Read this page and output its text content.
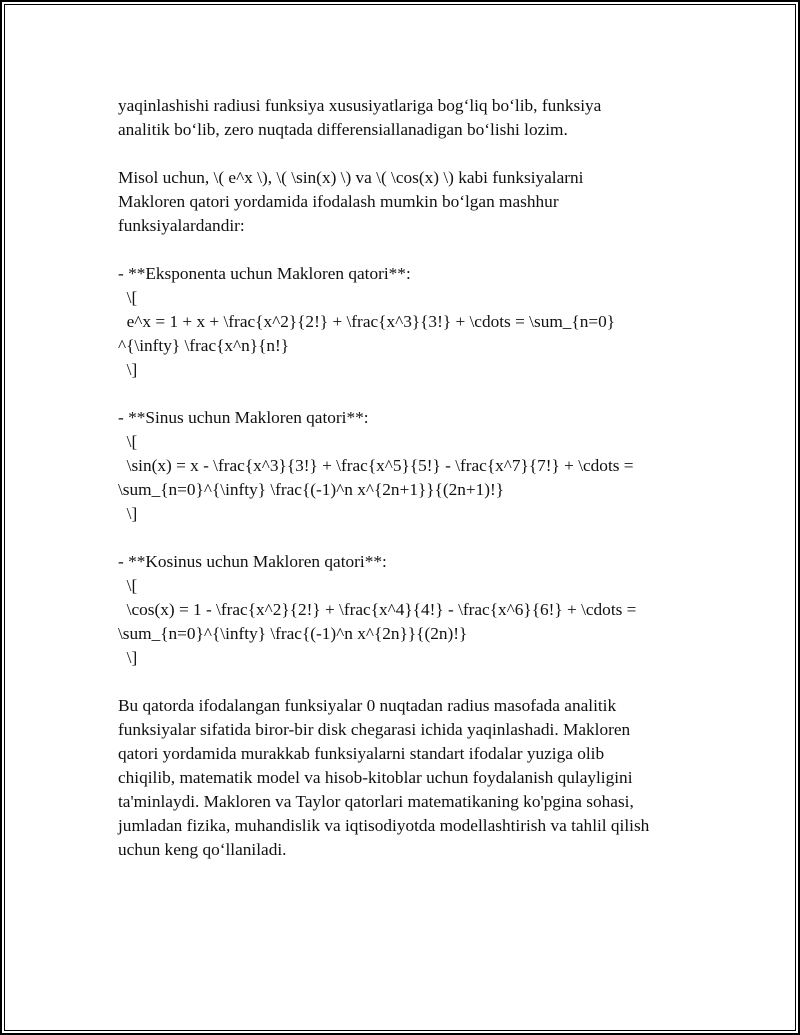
yaqinlashishi radiusi funksiya xususiyatlariga bog‘liq bo‘lib, funksiya
analitik bo‘lib, zero nuqtada differensiallanadigan bo‘lishi lozim.
Misol uchun, \( e^x \), \( \sin(x) \) va \( \cos(x) \) kabi funksiyalarni
Makloren qatori yordamida ifodalash mumkin bo‘lgan mashhur
funksiyalardandir:
- **Eksponenta uchun Makloren qatori**:
\[
e^x = 1 + x + \frac{x^2}{2!} + \frac{x^3}{3!} + \cdots = \sum_{n=0}
^{\infty} \frac{x^n}{n!}
\]
- **Sinus uchun Makloren qatori**:
\[
\sin(x) = x - \frac{x^3}{3!} + \frac{x^5}{5!} - \frac{x^7}{7!} + \cdots =
\sum_{n=0}^{\infty} \frac{(-1)^n x^{2n+1}}{(2n+1)!}
\]
- **Kosinus uchun Makloren qatori**:
\[
\cos(x) = 1 - \frac{x^2}{2!} + \frac{x^4}{4!} - \frac{x^6}{6!} + \cdots =
\sum_{n=0}^{\infty} \frac{(-1)^n x^{2n}}{(2n)!}
\]
Bu qatorda ifodalangan funksiyalar 0 nuqtadan radius masofada analitik
funksiyalar sifatida biror-bir disk chegarasi ichida yaqinlashadi. Makloren
qatori yordamida murakkab funksiyalarni standart ifodalar yuziga olib
chiqilib, matematik model va hisob-kitoblar uchun foydalanish qulayligini
ta'minlaydi. Makloren va Taylor qatorlari matematikaning ko'pgina sohasi,
jumladan fizika, muhandislik va iqtisodiyotda modellashtirish va tahlil qilish
uchun keng qo‘llaniladi.
